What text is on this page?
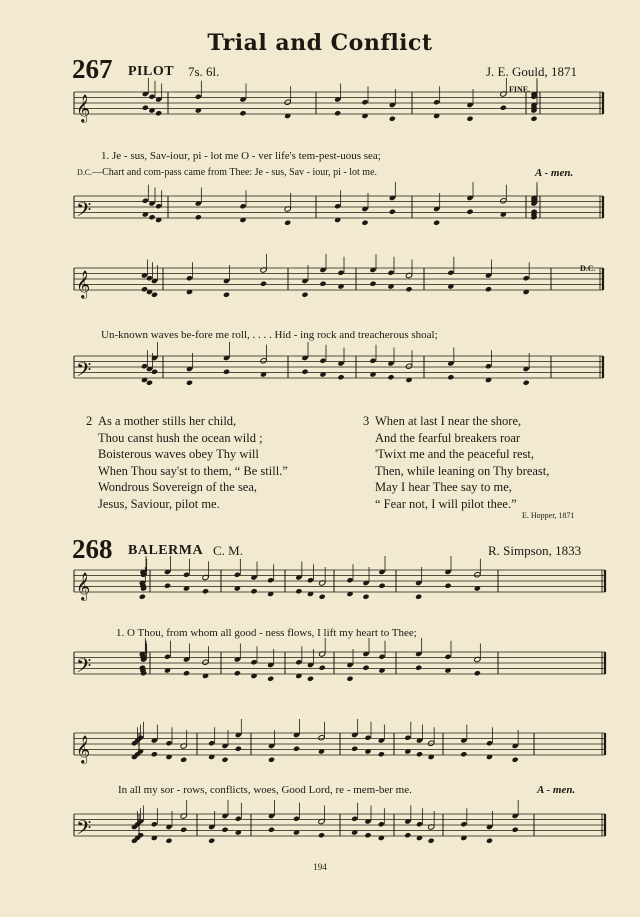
Trial and Conflict
267 PILOT 7s. 6l.	J. E. Gould, 1871
FINE.
D.C.
𝄞
𝄢
𝄞
𝄢
𝄞
𝄢
𝄞
𝄢
1. Je - sus, Sav-iour, pi - lot me O - ver life's tem-pest-uous sea;
D.C.—Chart and com-pass came from Thee: Je - sus, Sav - iour, pi - lot me.	A - men.
Un-known waves be-fore me roll, . . . . Hid - ing rock and treacherous shoal;
2 As a mother stills her child,
Thou canst hush the ocean wild ;
Boisterous waves obey Thy will
When Thou say'st to them, “ Be still.”
Wondrous Sovereign of the sea,
Jesus, Saviour, pilot me.
3 When at last I near the shore,
And the fearful breakers roar
'Twixt me and the peaceful rest,
Then, while leaning on Thy breast,
May I hear Thee say to me,
“ Fear not, I will pilot thee.”
E. Hopper, 1871
268 BALERMA C. M.	R. Simpson, 1833
1. O Thou, from whom all good - ness flows, I lift my heart to Thee;
In all my sor - rows, conflicts, woes, Good Lord, re - mem-ber me.	A - men.
194
